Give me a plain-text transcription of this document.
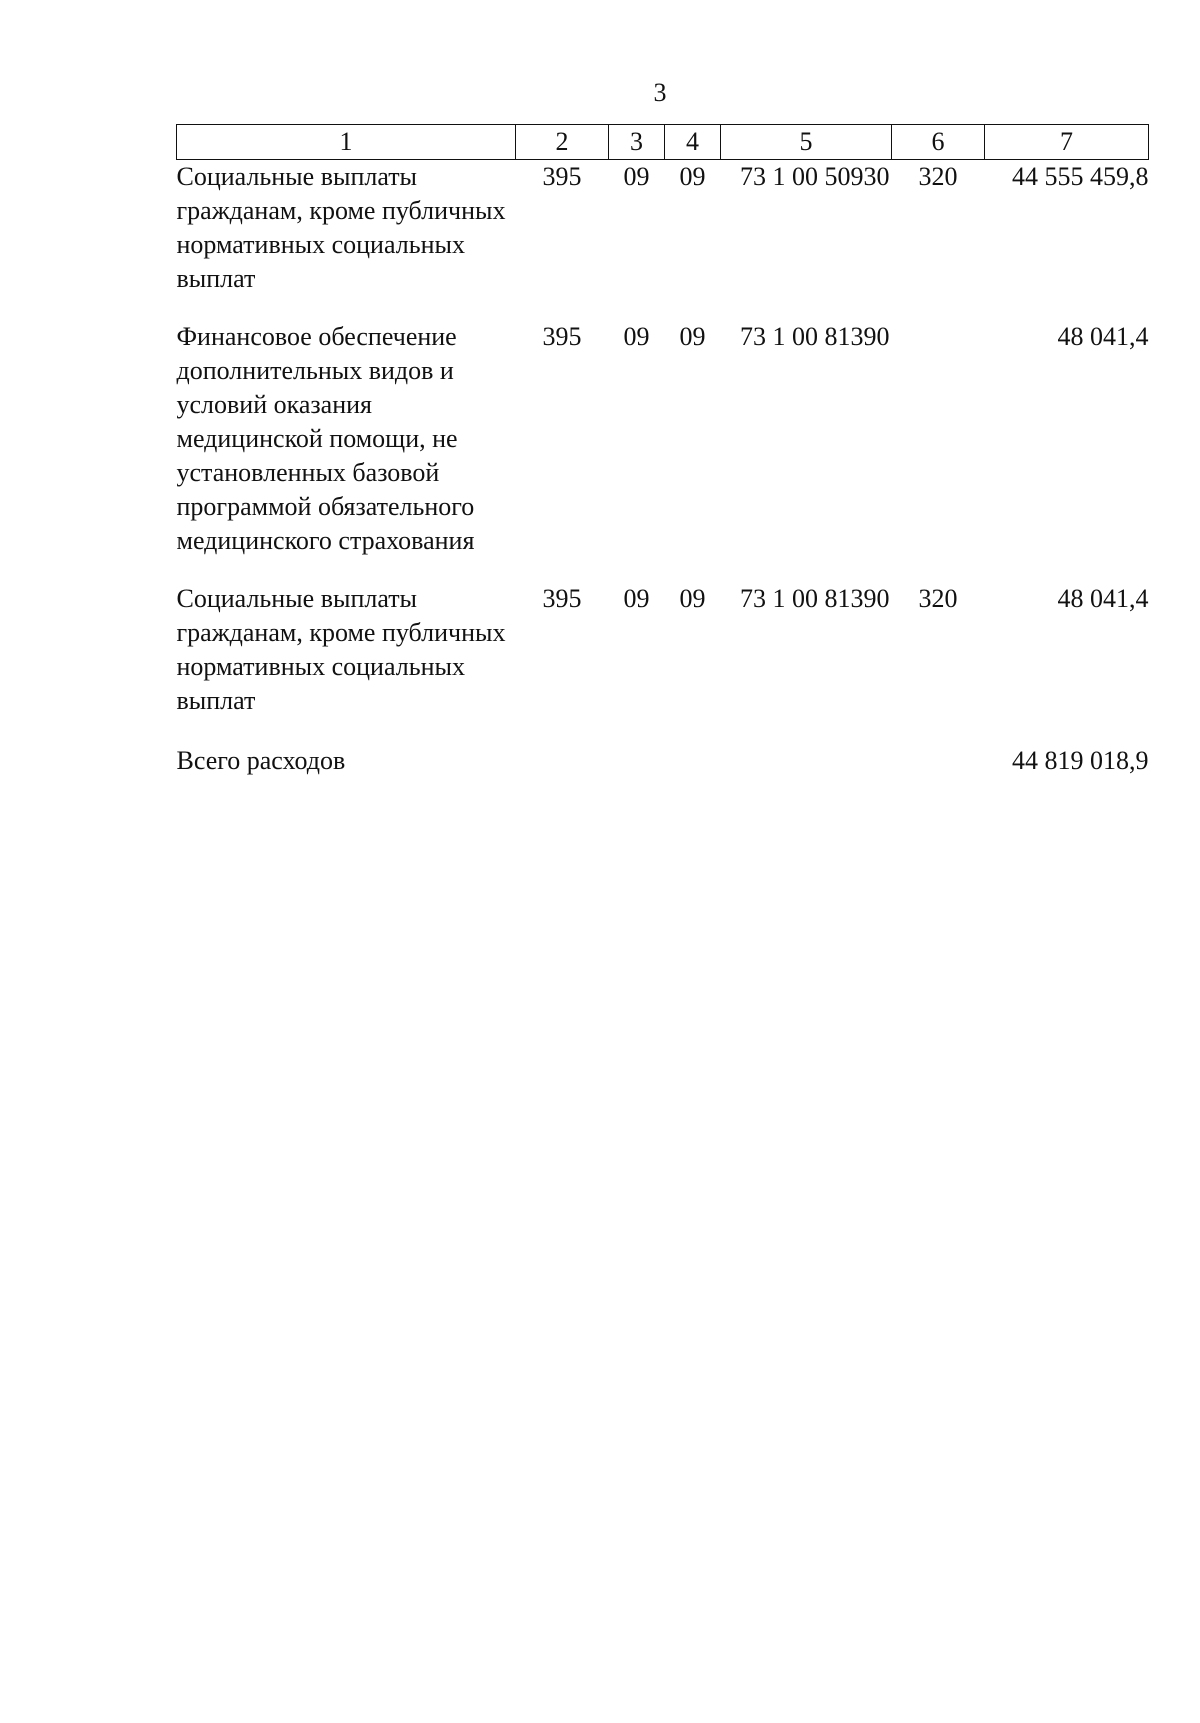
3
1	2	3	4	5	6	7
Социальные выплаты гражданам, кроме публичных нормативных социальных выплат	395	09	09	73 1 00 50930	320	44 555 459,8
Финансовое обеспечение дополнительных видов и условий оказания медицинской помощи, не установленных базовой программой обязательного медицинского страхования	395	09	09	73 1 00 81390		48 041,4
Социальные выплаты гражданам, кроме публичных нормативных социальных выплат	395	09	09	73 1 00 81390	320	48 041,4
Всего расходов						44 819 018,9
